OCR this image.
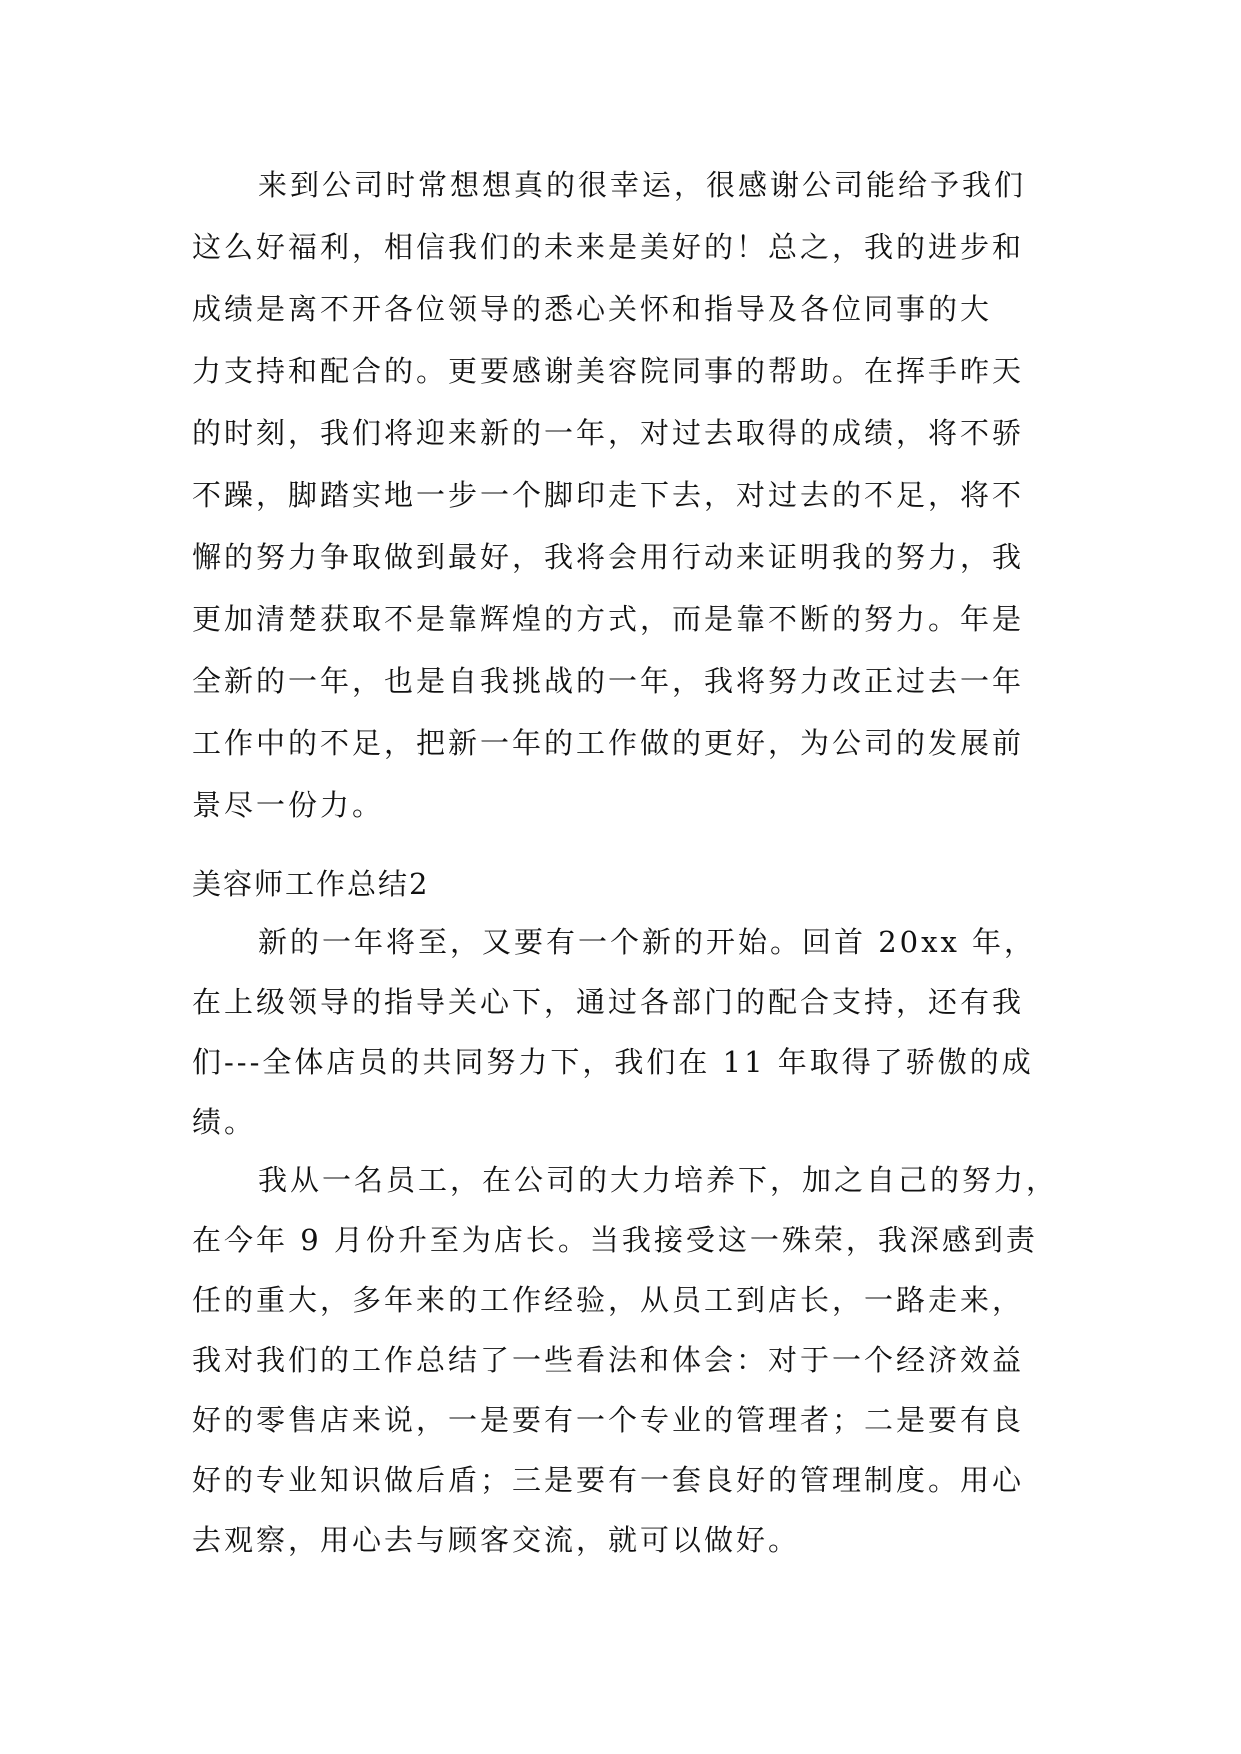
来到公司时常想想真的很幸运，很感谢公司能给予我们
这么好福利，相信我们的未来是美好的！总之，我的进步和
成绩是离不开各位领导的悉心关怀和指导及各位同事的大
力支持和配合的。更要感谢美容院同事的帮助。在挥手昨天
的时刻，我们将迎来新的一年，对过去取得的成绩，将不骄
不躁，脚踏实地一步一个脚印走下去，对过去的不足，将不
懈的努力争取做到最好，我将会用行动来证明我的努力，我
更加清楚获取不是靠辉煌的方式，而是靠不断的努力。年是
全新的一年，也是自我挑战的一年，我将努力改正过去一年
工作中的不足，把新一年的工作做的更好，为公司的发展前
景尽一份力。
美容师工作总结2
新的一年将至，又要有一个新的开始。回首 20xx 年，
在上级领导的指导关心下，通过各部门的配合支持，还有我
们---全体店员的共同努力下，我们在 11 年取得了骄傲的成
绩。
我从一名员工，在公司的大力培养下，加之自己的努力，
在今年 9 月份升至为店长。当我接受这一殊荣，我深感到责
任的重大，多年来的工作经验，从员工到店长，一路走来，
我对我们的工作总结了一些看法和体会：对于一个经济效益
好的零售店来说，一是要有一个专业的管理者；二是要有良
好的专业知识做后盾；三是要有一套良好的管理制度。用心
去观察，用心去与顾客交流，就可以做好。
